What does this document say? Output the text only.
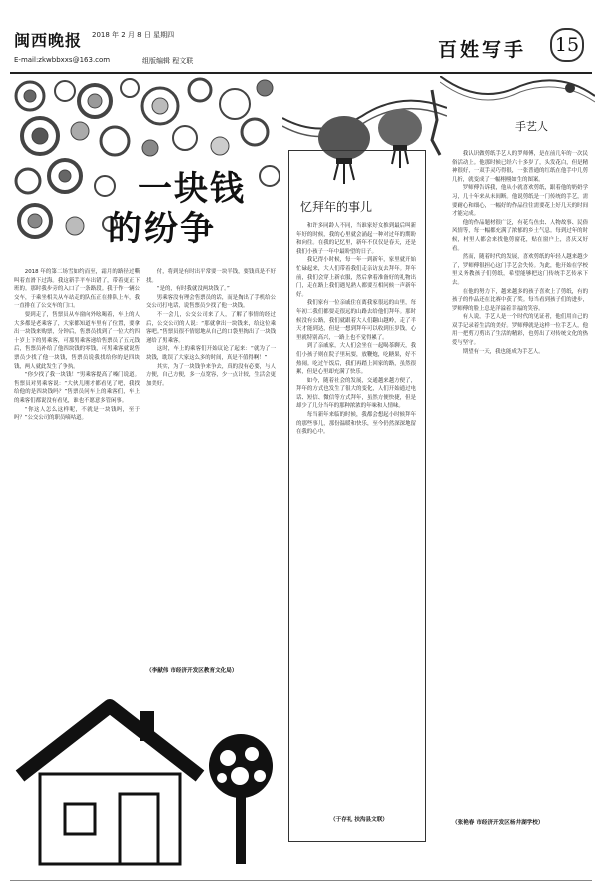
闽西晚报 2018 年 2 月 8 日 星期四
E-mail:zkwbbxxs@163.com	组版编辑 程文联	百姓写手 15
一块钱
的纷争

2018 年的第二场雪如约而至，霜月的路径过嘶叫着直滑下过海。我这新手平车出错了，带着更正下班的。那时我步旁的入口了一条路段。我于作一辆公交车，于乘坐相关从车站走的队伍正在排队上车，我一直排在了公交车的门口。

要到走了，售票员从车窗向外吆喝着，车上的人大多都是老乘客了，大家都知道车里有了位置，要拿出一块钱来购票，分钟后，售票员找到了一位大约四十岁上下的男乘客，可那男乘客递给售票员了五元钱后，售票员补给了他四块钱的零钱，可男乘客就说售票员少找了他一块钱，售票员说我找给你的是四块钱，两人就此发生了争执。

“你少找了我一块钱！”男乘客提高了嗓门说道。售票员对男乘客说：“大伙儿刚才都看见了吧，我找给他的是四块钱吗？”售票员问车上的乘客们，车上的乘客们都说没有看见，谁也不愿意多管闲事。

“你这人怎么这样呢，不就是一块钱吗，至于吗？”公交公司的职员嘀咕道。

付，将到是有时出平常要一块半钱，要钱真是不好找。

“是的，有时我就没两块钱了。”

男乘客没有理会售票员的话，而是掏出了手机给公交公司打电话，说售票员少找了他一块钱。

不一会儿，公交公司来了人，了解了事情的经过后，公交公司的人说：“那就拿出一块钱来，给这位乘客吧。”售票员很不情愿地从自己的口袋里掏出了一块钱递给了男乘客。

这时，车上的乘客们开始议论了起来：“就为了一块钱，耽误了大家这么多的时间，真是不值得啊！”

其实，为了一块钱争来争去，真的没有必要，与人方便，自己方便，多一点宽容，少一点计较，生活会更加美好。

（李献伟 市经济开发区教育文化局）
忆拜年的事儿

和许多同龄人不同，当谁家好女推到最后叫新年好的时候，我的心里就会涌起一种对过年的期盼和向往。在我的记忆里，新年不仅仅是春天，还是我们小孩子一年中最盼望的日子。

我记得小时候，每一年一到新年，家里就开始忙碌起来，大人们带着我们走亲访友去拜年。拜年前，我们会穿上新衣服，然后拿着准备好的礼物出门，走在路上我们遇见熟人都要互相问候一声新年好。

我们家有一位亲戚住在离我家很远的山里，每年初二我们都要走很远的山路去给他们拜年。那时候没有公路，我们就跟着大人们翻山越岭，走了半天才能到达，但是一想到拜年可以收到压岁钱，心里就特别高兴，一路上也不觉得累了。

到了亲戚家，大人们会坐在一起喝茶聊天，我们小孩子则在院子里玩耍，放鞭炮，吃糖果，好不热闹。吃过午饭后，我们再踏上回家的路，虽然很累，但是心里却充满了快乐。

如今，随着社会的发展，交通越来越方便了，拜年的方式也发生了很大的变化，人们开始通过电话、短信、微信等方式拜年，虽然方便快捷，但是却少了几分当年的那种浓浓的年味和人情味。

每当新年来临的时候，我都会想起小时候拜年的那些事儿，那份温暖和快乐，至今仍然深深地留在我的心中。

（于存礼 扶沟县文联）
手艺人

我认识做剪纸手艺人的罗师傅，是在前几年的一次民俗活动上。他那时候已经六十多岁了，头发花白，但是精神很好，一双手灵巧得很，一张普通的红纸在他手中几剪几折，就变成了一幅栩栩如生的图案。

罗师傅告诉我，他从小就喜欢剪纸，跟着他的奶奶学习，几十年来从未间断。他说剪纸是一门传统的手艺，需要耐心和细心，一幅好的作品往往需要花上好几天的时间才能完成。

他的作品题材很广泛，有花鸟鱼虫、人物故事、民俗风情等，每一幅都充满了浓郁的乡土气息。每到过年的时候，村里人都会来找他剪窗花，贴在窗户上，喜庆又好看。

然而，随着时代的发展，喜欢剪纸的年轻人越来越少了，罗师傅很担心这门手艺会失传。为此，他开始在学校里义务教孩子们剪纸，希望能够把这门传统手艺传承下去。

在他的努力下，越来越多的孩子喜欢上了剪纸，有的孩子的作品还在比赛中获了奖。每当看到孩子们的进步，罗师傅的脸上总是洋溢着幸福的笑容。

有人说，手艺人是一个时代的见证者，他们用自己的双手记录着生活的美好。罗师傅就是这样一位手艺人，他用一把剪刀剪出了生活的精彩，也剪出了对传统文化的热爱与坚守。

期望有一天，我也能成为手艺人。

（张艳春 市经济开发区杨井湖学校）
